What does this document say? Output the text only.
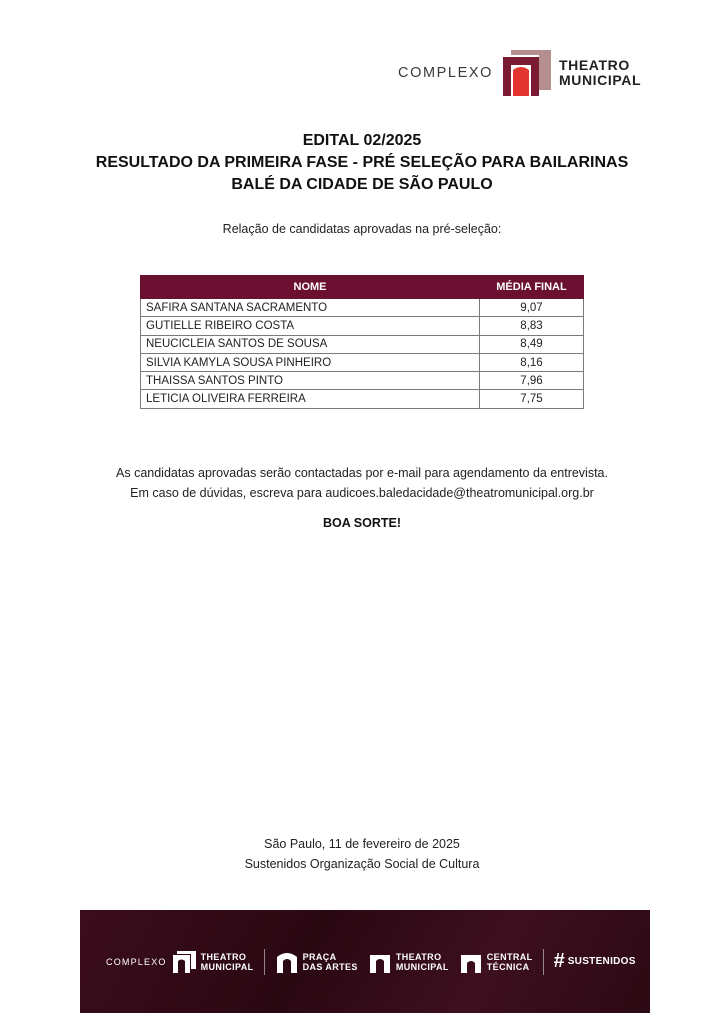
COMPLEXO	THEATRO
MUNICIPAL
EDITAL 02/2025
RESULTADO DA PRIMEIRA FASE - PRÉ SELEÇÃO PARA BAILARINAS
BALÉ DA CIDADE DE SÃO PAULO
Relação de candidatas aprovadas na pré-seleção:
NOME	MÉDIA FINAL
SAFIRA SANTANA SACRAMENTO	9,07
GUTIELLE RIBEIRO COSTA	8,83
NEUCICLEIA SANTOS DE SOUSA	8,49
SILVIA KAMYLA SOUSA PINHEIRO	8,16
THAISSA SANTOS PINTO	7,96
LETICIA OLIVEIRA FERREIRA	7,75
As candidatas aprovadas serão contactadas por e-mail para agendamento da entrevista.
Em caso de dúvidas, escreva para audicoes.baledacidade@theatromunicipal.org.br
BOA SORTE!
São Paulo, 11 de fevereiro de 2025
Sustenidos Organização Social de Cultura
COMPLEXO	THEATRO
MUNICIPAL
PRAÇA
DAS ARTES
THEATRO
MUNICIPAL
CENTRAL
TÉCNICA # SUSTENIDOS
